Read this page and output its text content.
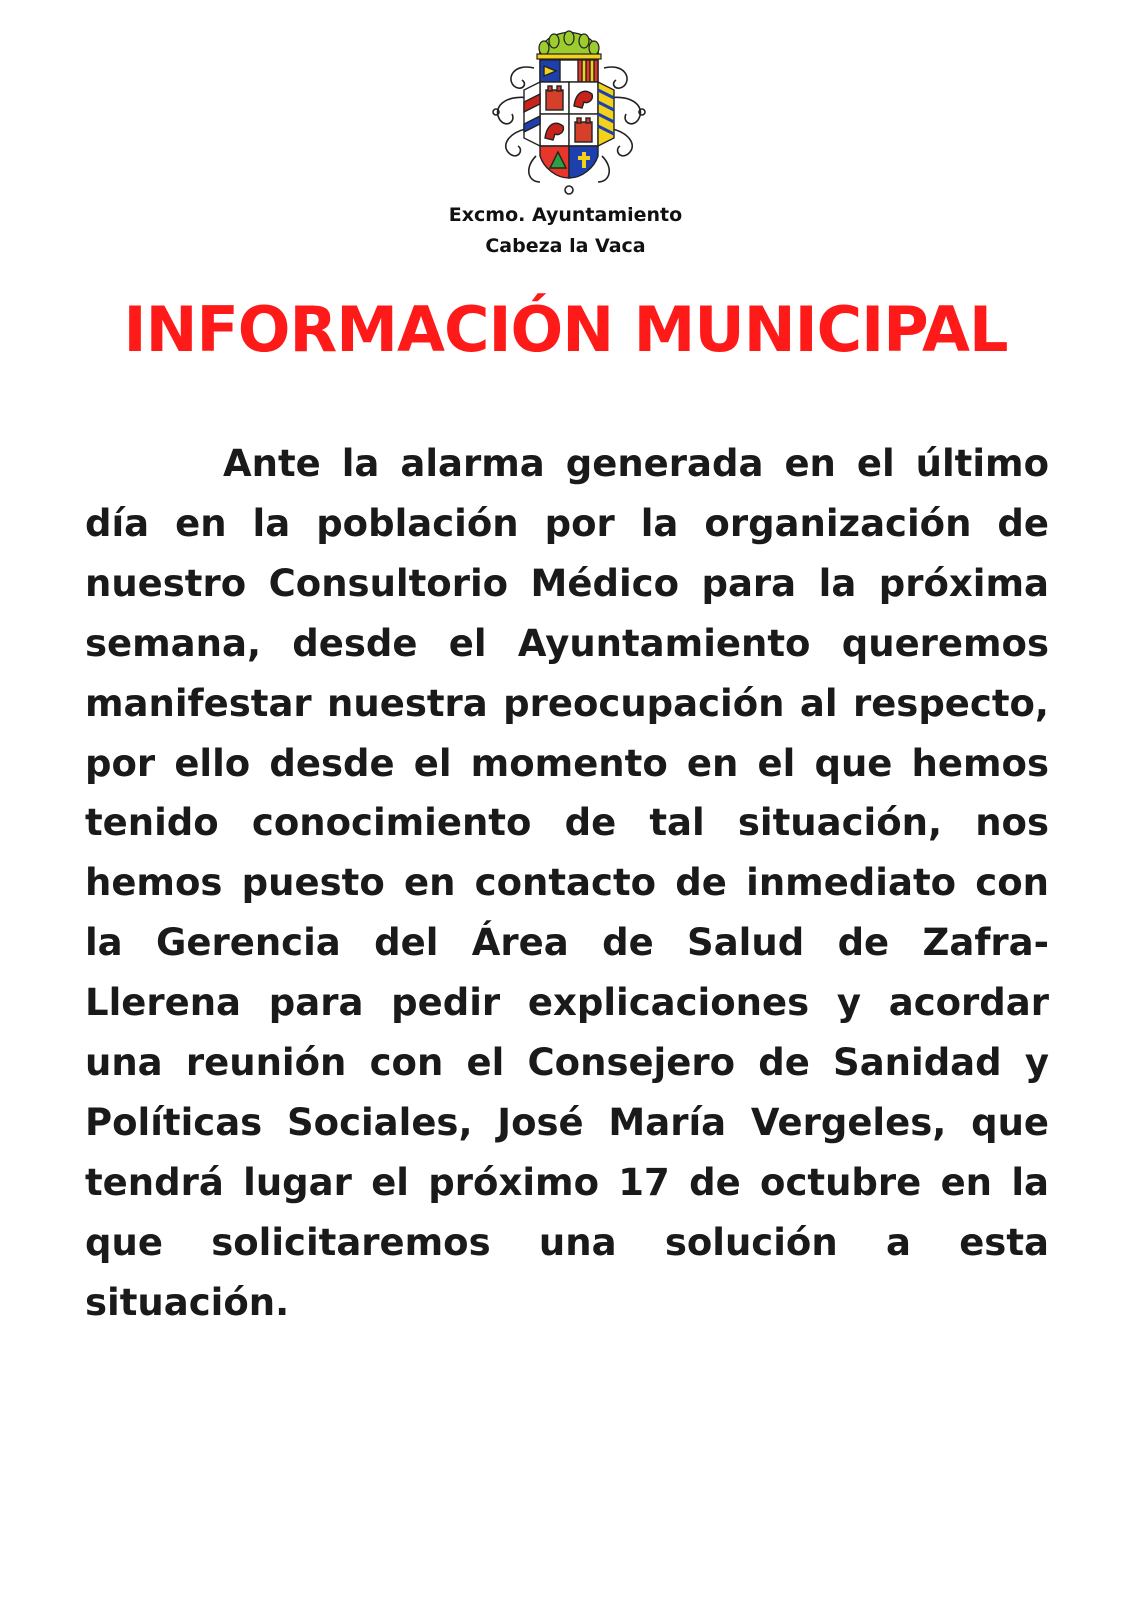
Excmo. Ayuntamiento
Cabeza la Vaca
INFORMACIÓN MUNICIPAL

Ante la alarma generada en el último día en la población por la organización de nuestro Consultorio Médico para la próxima semana, desde el Ayuntamiento queremos manifestar nuestra preocupación al respecto, por ello desde el momento en el que hemos tenido conocimiento de tal situación, nos hemos puesto en contacto de inmediato con la Gerencia del Área de Salud de Zafra-Llerena para pedir explicaciones y acordar una reunión con el Consejero de Sanidad y Políticas Sociales, José María Vergeles, que tendrá lugar el próximo 17 de octubre en la que solicitaremos una solución a esta situación.
